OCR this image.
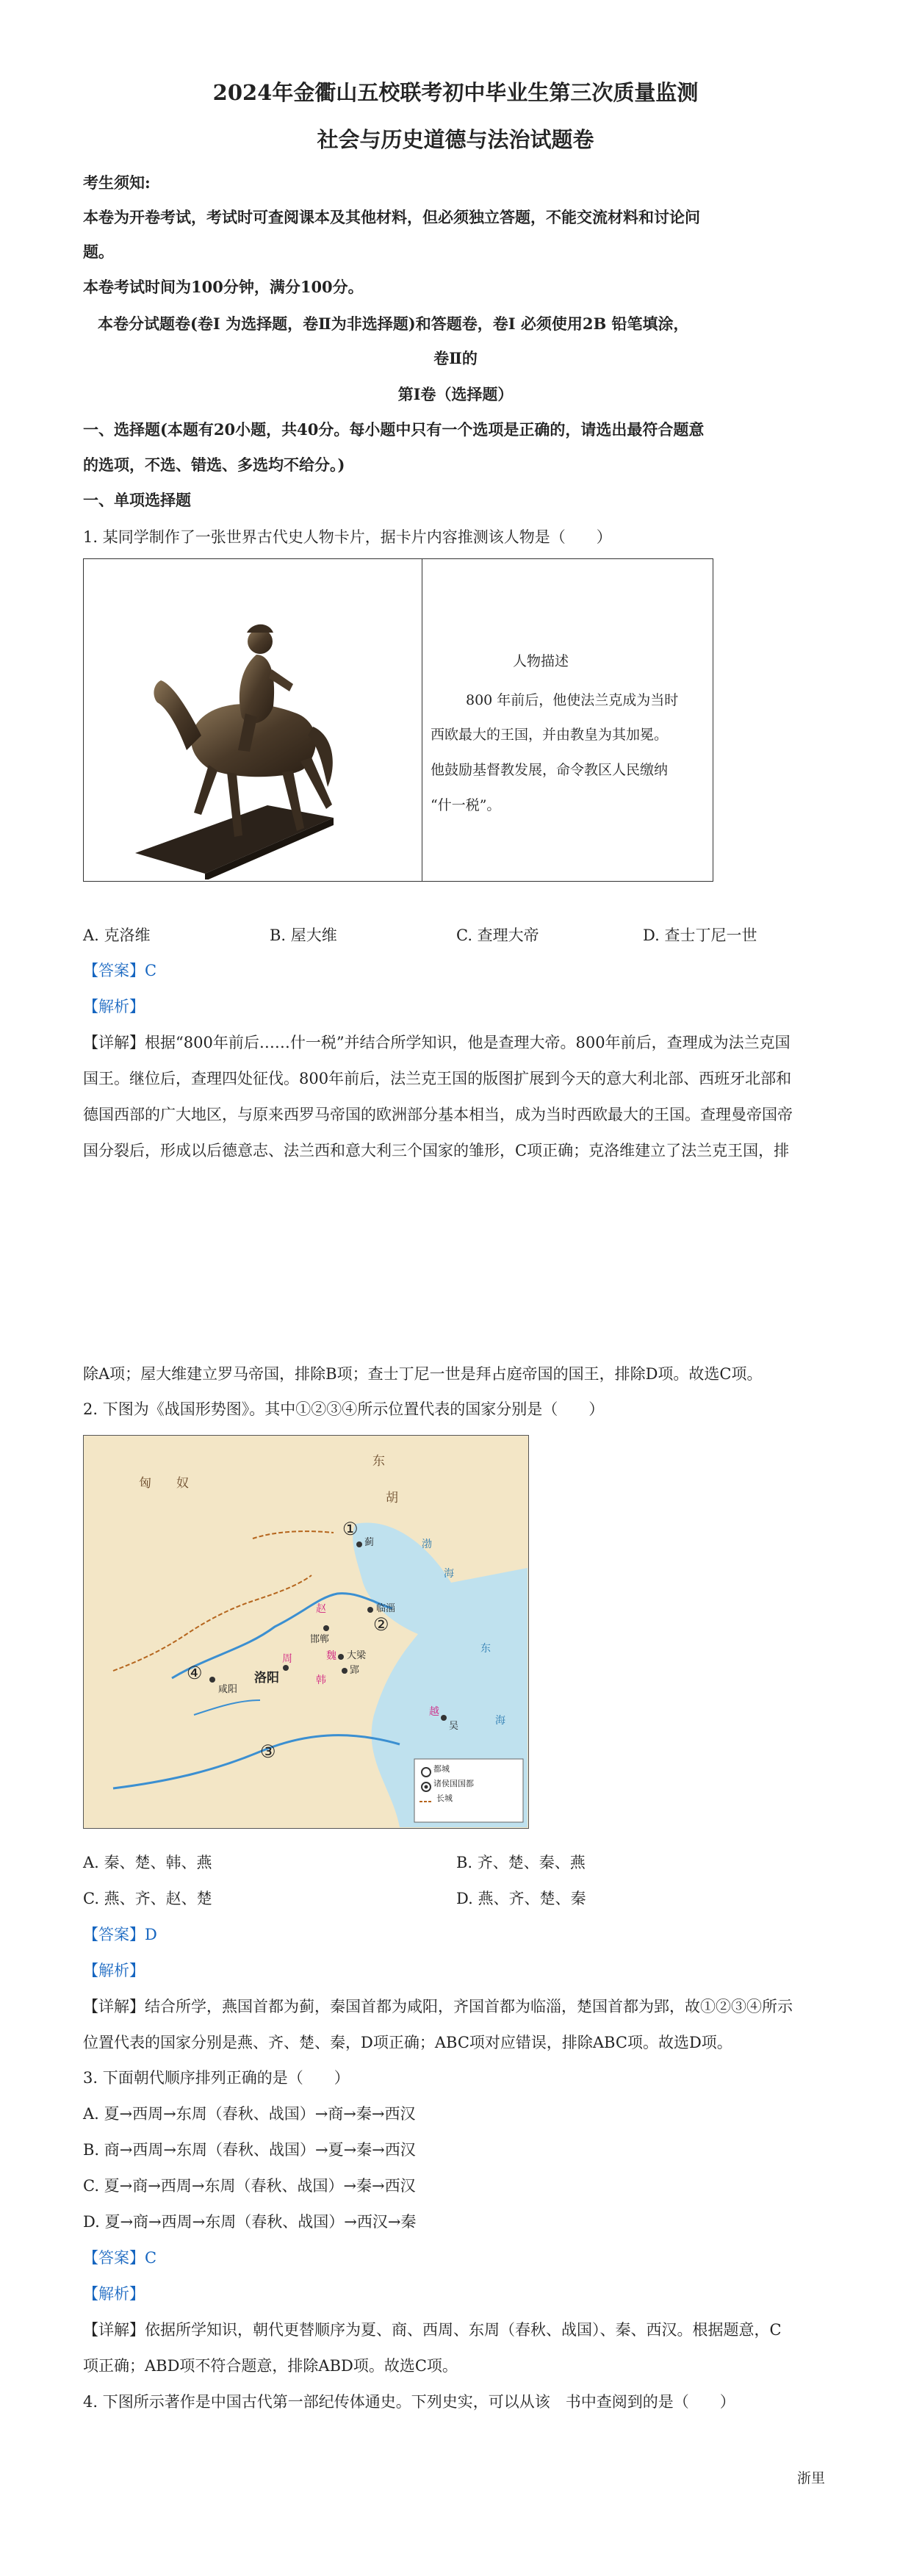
2024年金衢山五校联考初中毕业生第三次质量监测
社会与历史道德与法治试题卷
考生须知:
本卷为开卷考试，考试时可查阅课本及其他材料，但必须独立答题，不能交流材料和讨论问
题。
本卷考试时间为100分钟，满分100分。
本卷分试题卷(卷Ⅰ 为选择题，卷Ⅱ为非选择题)和答题卷，卷Ⅰ 必须使用2B 铅笔填涂，
卷Ⅱ的
第Ⅰ卷（选择题）
一、选择题(本题有20小题，共40分。每小题中只有一个选项是正确的，请选出最符合题意
的选项，不选、错选、多选均不给分。)
一、单项选择题
1. 某同学制作了一张世界古代史人物卡片，据卡片内容推测该人物是（　　）
人物描述
800 年前后，他使法兰克成为当时
西欧最大的王国，并由教皇为其加冕。
他鼓励基督教发展，命令教区人民缴纳
“什一税”。
A. 克洛维	B. 屋大维	C. 查理大帝	D. 查士丁尼一世
【答案】C
【解析】
【详解】根据“800年前后……什一税”并结合所学知识，他是查理大帝。800年前后，查理成为法兰克国
国王。继位后，查理四处征伐。800年前后，法兰克王国的版图扩展到今天的意大利北部、西班牙北部和
德国西部的广大地区，与原来西罗马帝国的欧洲部分基本相当，成为当时西欧最大的王国。查理曼帝国帝
国分裂后，形成以后德意志、法兰西和意大利三个国家的雏形，C项正确；克洛维建立了法兰克王国，排
除A项；屋大维建立罗马帝国，排除B项；查士丁尼一世是拜占庭帝国的国王，排除D项。故选C项。
2. 下图为《战国形势图》。其中①②③④所示位置代表的国家分别是（　　）
匈　　奴
东
胡
蓟
临淄
邯郸
大梁
郢
咸阳
洛阳
吴
赵
魏
韩
周
越
渤
海
东
海
①
②
③
④
都城
诸侯国国都
长城
A. 秦、楚、韩、燕	B. 齐、楚、秦、燕
C. 燕、齐、赵、楚	D. 燕、齐、楚、秦
【答案】D
【解析】
【详解】结合所学，燕国首都为蓟，秦国首都为咸阳，齐国首都为临淄，楚国首都为郢，故①②③④所示
位置代表的国家分别是燕、齐、楚、秦，D项正确；ABC项对应错误，排除ABC项。故选D项。
3. 下面朝代顺序排列正确的是（　　）
A. 夏→西周→东周（春秋、战国）→商→秦→西汉
B. 商→西周→东周（春秋、战国）→夏→秦→西汉
C. 夏→商→西周→东周（春秋、战国）→秦→西汉
D. 夏→商→西周→东周（春秋、战国）→西汉→秦
【答案】C
【解析】
【详解】依据所学知识，朝代更替顺序为夏、商、西周、东周（春秋、战国）、秦、西汉。根据题意，C
项正确；ABD项不符合题意，排除ABD项。故选C项。
4. 下图所示著作是中国古代第一部纪传体通史。下列史实，可以从该　书中查阅到的是（　　）
浙里
